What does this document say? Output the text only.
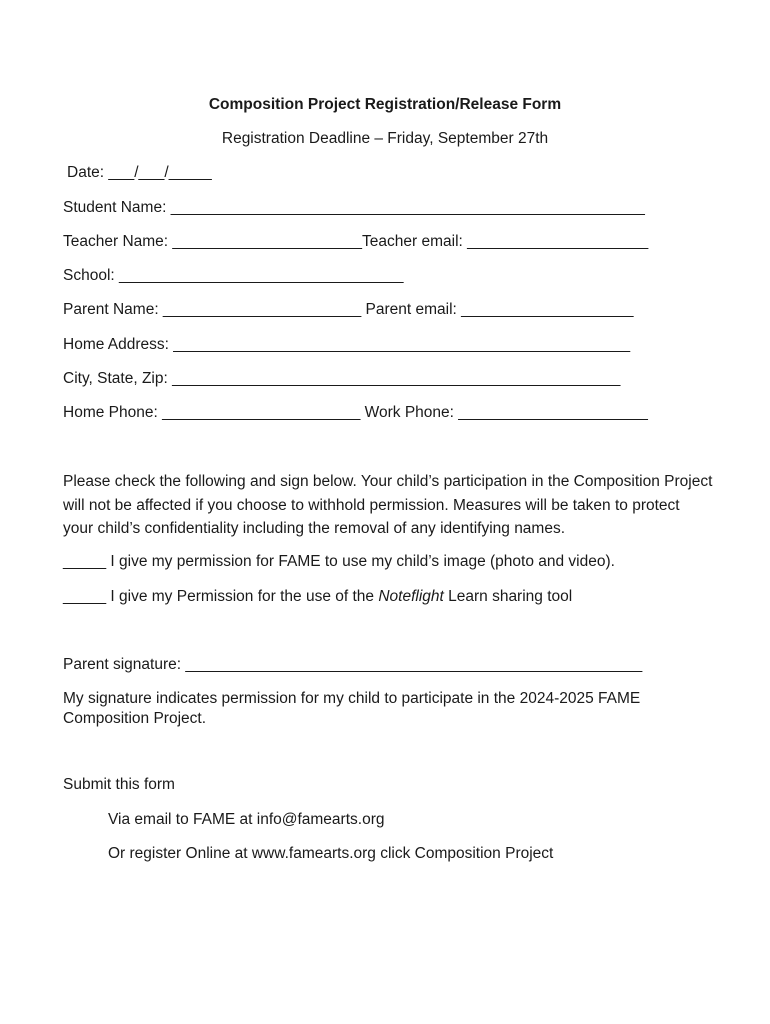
Composition Project Registration/Release Form
Registration Deadline – Friday, September 27th
Date: ___/___/_____
Student Name: _______________________________________________________
Teacher Name: ______________________Teacher email: _____________________
School: _________________________________
Parent Name: _______________________ Parent email: ____________________
Home Address: _____________________________________________________
City, State, Zip: ____________________________________________________
Home Phone: _______________________ Work Phone: ______________________
Please check the following and sign below. Your child’s participation in the Composition Project will not be affected if you choose to withhold permission. Measures will be taken to protect your child’s confidentiality including the removal of any identifying names.
_____ I give my permission for FAME to use my child’s image (photo and video).
_____ I give my Permission for the use of the Noteflight Learn sharing tool
Parent signature: _____________________________________________________
My signature indicates permission for my child to participate in the 2024-2025 FAME Composition Project.
Submit this form
Via email to FAME at info@famearts.org
Or register Online at www.famearts.org click Composition Project
